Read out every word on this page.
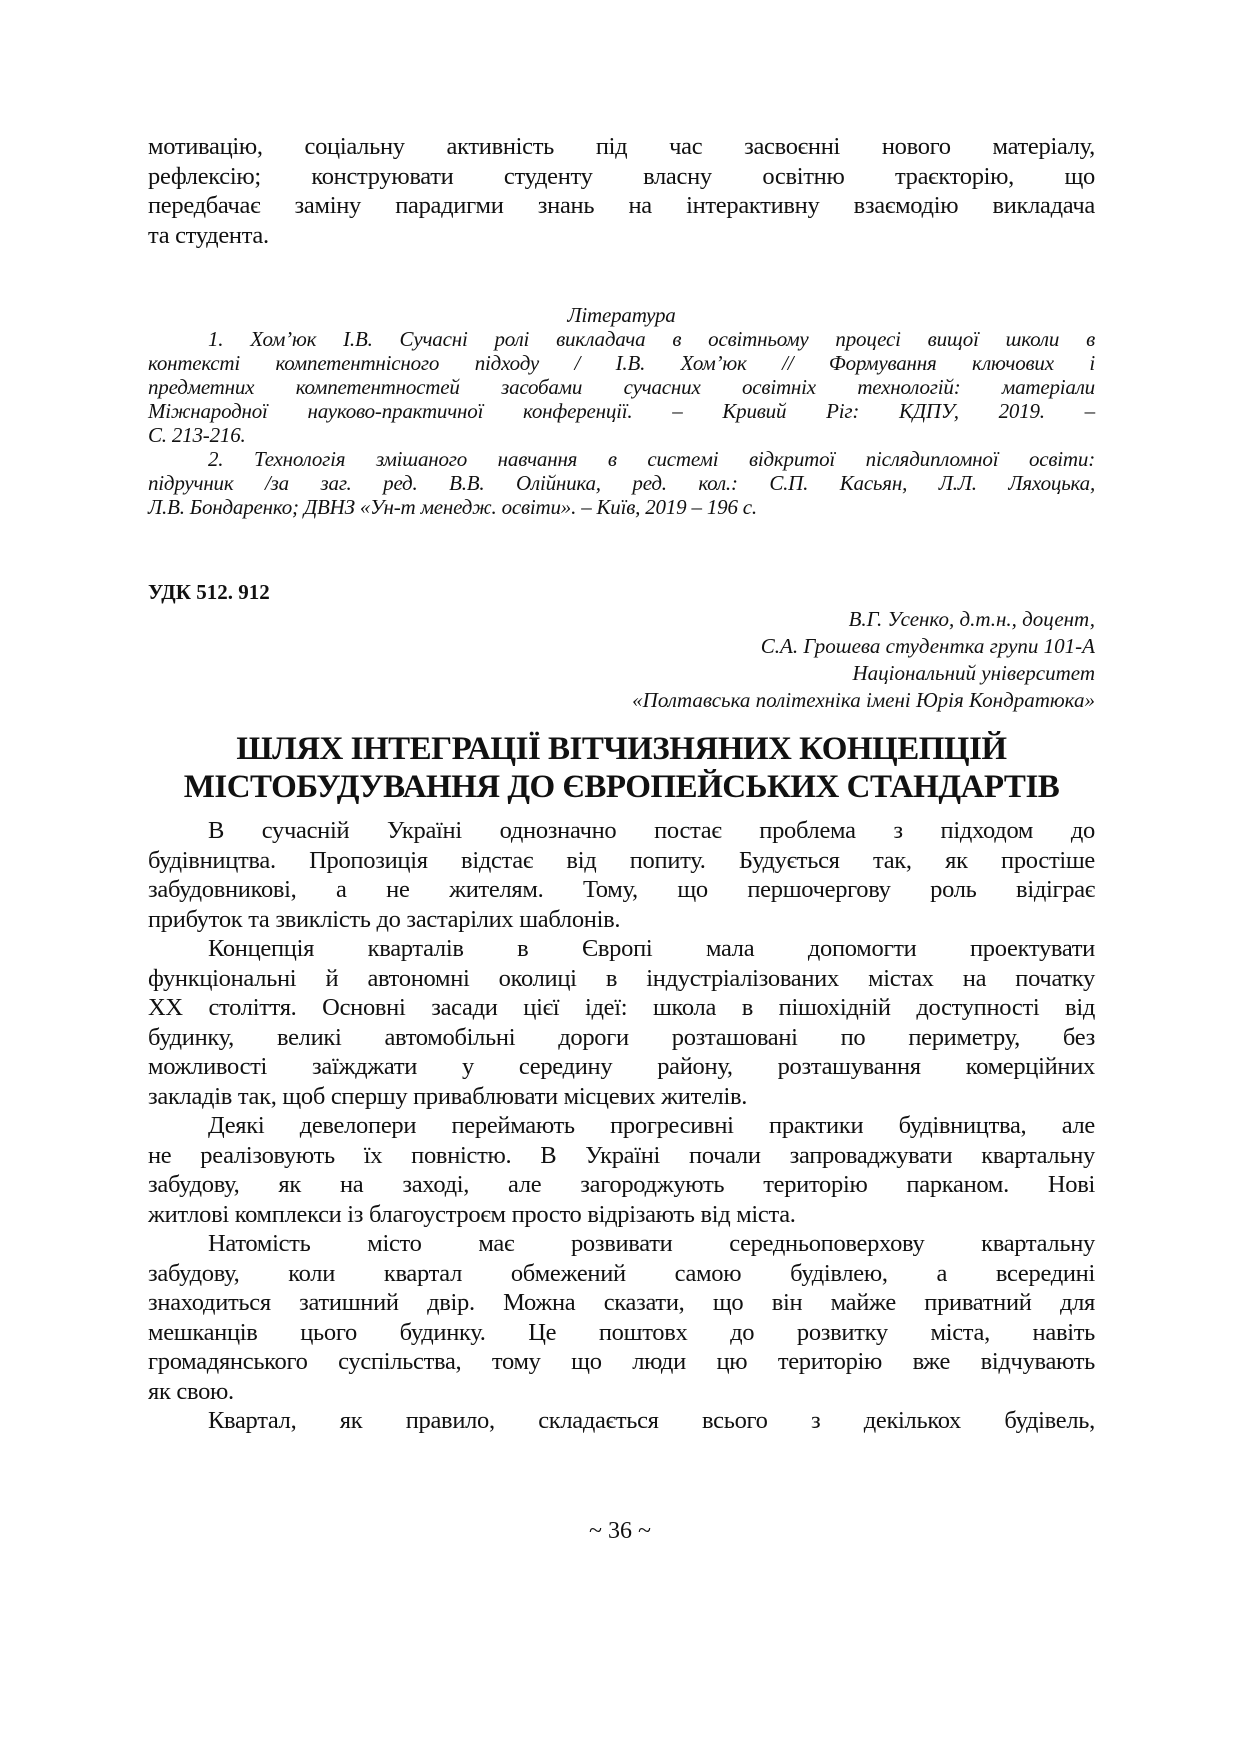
мотивацію, соціальну активність під час засвоєнні нового матеріалу,
рефлексію; конструювати студенту власну освітню траєкторію, що
передбачає заміну парадигми знань на інтерактивну взаємодію викладача
та студента.
Література
1. Хом’юк І.В. Сучасні ролі викладача в освітньому процесі вищої школи в
контексті компетентнісного підходу / І.В. Хом’юк // Формування ключових і
предметних компетентностей засобами сучасних освітніх технологій: матеріали
Міжнародної науково-практичної конференції. – Кривий Ріг: КДПУ, 2019. –
С. 213-216.
2. Технологія змішаного навчання в системі відкритої післядипломної освіти:
підручник /за заг. ред. В.В. Олійника, ред. кол.: С.П. Касьян, Л.Л. Ляхоцька,
Л.В. Бондаренко; ДВНЗ «Ун-т менедж. освіти». – Київ, 2019 – 196 с.
УДК 512. 912
В.Г. Усенко, д.т.н., доцент,
С.А. Грошева студентка групи 101-А
Національний університет
«Полтавська політехніка імені Юрія Кондратюка»
ШЛЯХ ІНТЕГРАЦІЇ ВІТЧИЗНЯНИХ КОНЦЕПЦІЙ
МІСТОБУДУВАННЯ ДО ЄВРОПЕЙСЬКИХ СТАНДАРТІВ
В сучасній Україні однозначно постає проблема з підходом до
будівництва. Пропозиція відстає від попиту. Будується так, як простіше
забудовникові, а не жителям. Тому, що першочергову роль відіграє
прибуток та звиклість до застарілих шаблонів.
Концепція кварталів в Європі мала допомогти проектувати
функціональні й автономні околиці в індустріалізованих містах на початку
ХХ століття. Основні засади цієї ідеї: школа в пішохідній доступності від
будинку, великі автомобільні дороги розташовані по периметру, без
можливості заїжджати у середину району, розташування комерційних
закладів так, щоб спершу приваблювати місцевих жителів.
Деякі девелопери переймають прогресивні практики будівництва, але
не реалізовують їх повністю. В Україні почали запроваджувати квартальну
забудову, як на заході, але загороджують територію парканом. Нові
житлові комплекси із благоустроєм просто відрізають від міста.
Натомість місто має розвивати середньоповерхову квартальну
забудову, коли квартал обмежений самою будівлею, а всередині
знаходиться затишний двір. Можна сказати, що він майже приватний для
мешканців цього будинку. Це поштовх до розвитку міста, навіть
громадянського суспільства, тому що люди цю територію вже відчувають
як свою.
Квартал, як правило, складається всього з декількох будівель,
~ 36 ~
